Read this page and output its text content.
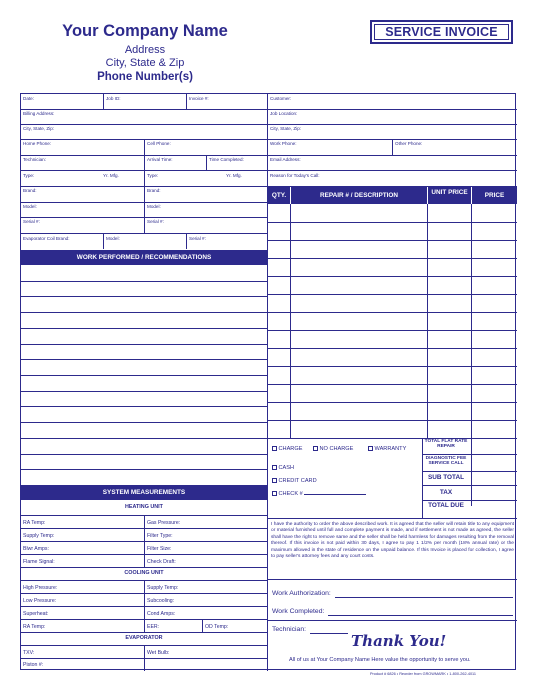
Your Company Name
Address
City, State & Zip
Phone Number(s)
SERVICE INVOICE
Date:	Job ID:	Invoice #:	Customer:
Billing Address:	Job Location:
City, State, Zip:	City, State, Zip:
Home Phone:	Cell Phone:	Work Phone:	Other Phone:
Technician:	Arrival Time:	Time Completed:	Email Address:
Type:	Yr. Mfg.	Type:	Yr. Mfg.	Reason for Today's Call:
Brand:	Brand:
Model:	Model:
Serial #:	Serial #:
Evaporator Coil Brand:	Model:	Serial #:
WORK PERFORMED / RECOMMENDATIONS
SYSTEM MEASUREMENTS
HEATING UNIT
RA Temp:	Gas Pressure:
Supply Temp:	Filter Type:
Blwr Amps:	Filter Size:
Flame Signal:	Check Draft:
COOLING UNIT
High Pressure:	Supply Temp:
Low Pressure:	Subcooling:
Superheat:	Cond Amps:
RA Temp:	EER:	OD Temp:
EVAPORATOR
TXV:	Wet Bulb:
Piston #:
QTY.	REPAIR # / DESCRIPTION	UNIT PRICE	PRICE
CHARGE	NO CHARGE	WARRANTY
CASH
CREDIT CARD
CHECK #
TOTAL FLAT RATE REPAIR
DIAGNOSTIC FEE SERVICE CALL
SUB TOTAL
TAX
TOTAL DUE
I have the authority to order the above described work. It is agreed that the seller will retain title to any equipment or material furnished until full and complete payment is made, and if settlement is not made as agreed, the seller shall have the right to remove same and the seller shall be held harmless for damages resulting from the removal thereof. If this invoice is not paid within 30 days, I agree to pay 1 1/2% per month (18% annual rate) or the maximum allowed in the state of residence on the unpaid balance. If this Invoice is placed for collection, I agree to pay seller's attorney fees and any court costs.
Work Authorization:
Work Completed:
Technician:
Thank You!
All of us at Your Company Name Here value the opportunity to serve you.
Product # 6826 • Reorder from GROWMARK • 1-800-262-4011
